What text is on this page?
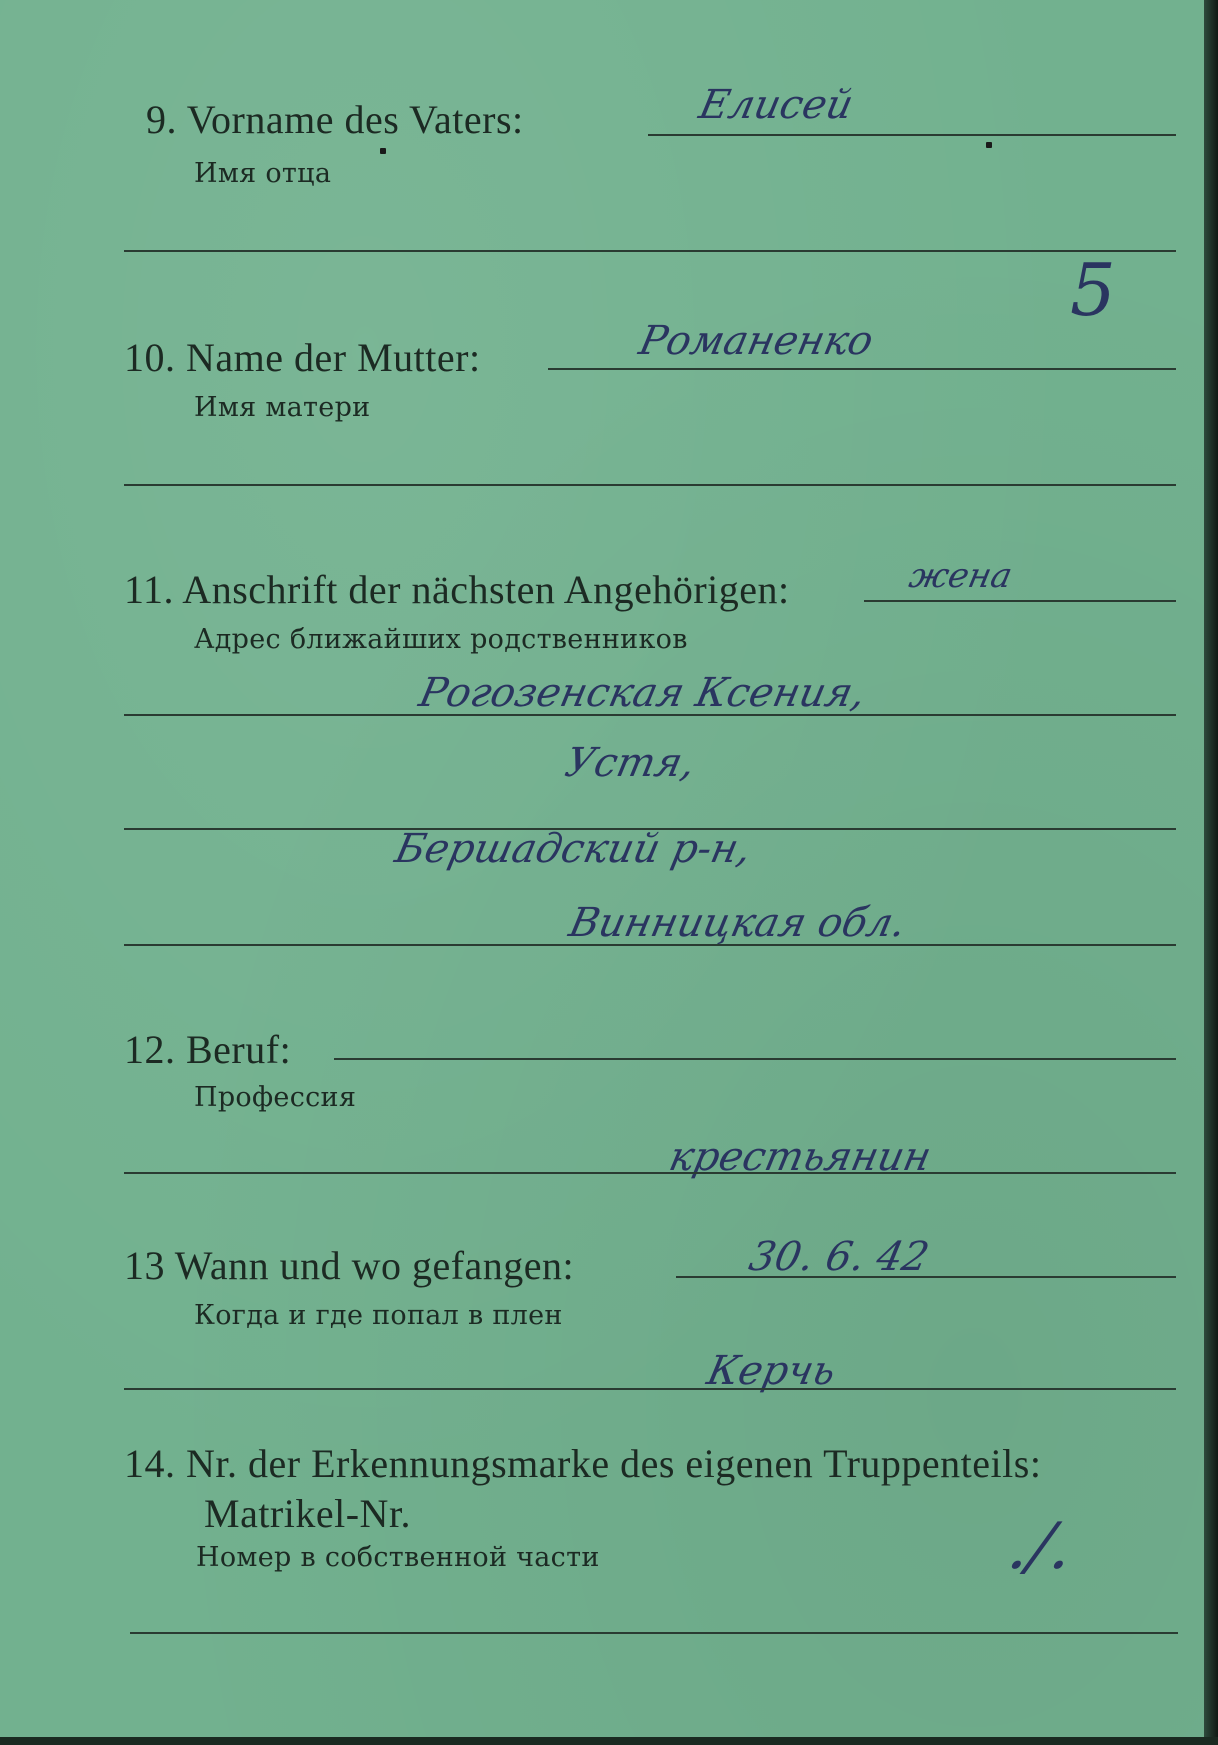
9. Vorname des Vaters:
Имя отца
Елисей
10. Name der Mutter:
Имя матери
Романенко
5
11. Anschrift der nächsten Angehörigen:
Адрес ближайших родственников
жена
Рогозенская Ксения,
Устя,
Бершадский р-н,
Винницкая обл.
12. Beruf:
Профессия
крестьянин
13 Wann und wo gefangen:
Когда и где попал в плен
30. 6. 42
Керчь
14. Nr. der Erkennungsmarke des eigenen Truppenteils:
Matrikel-Nr.
Номер в собственной части	./.
